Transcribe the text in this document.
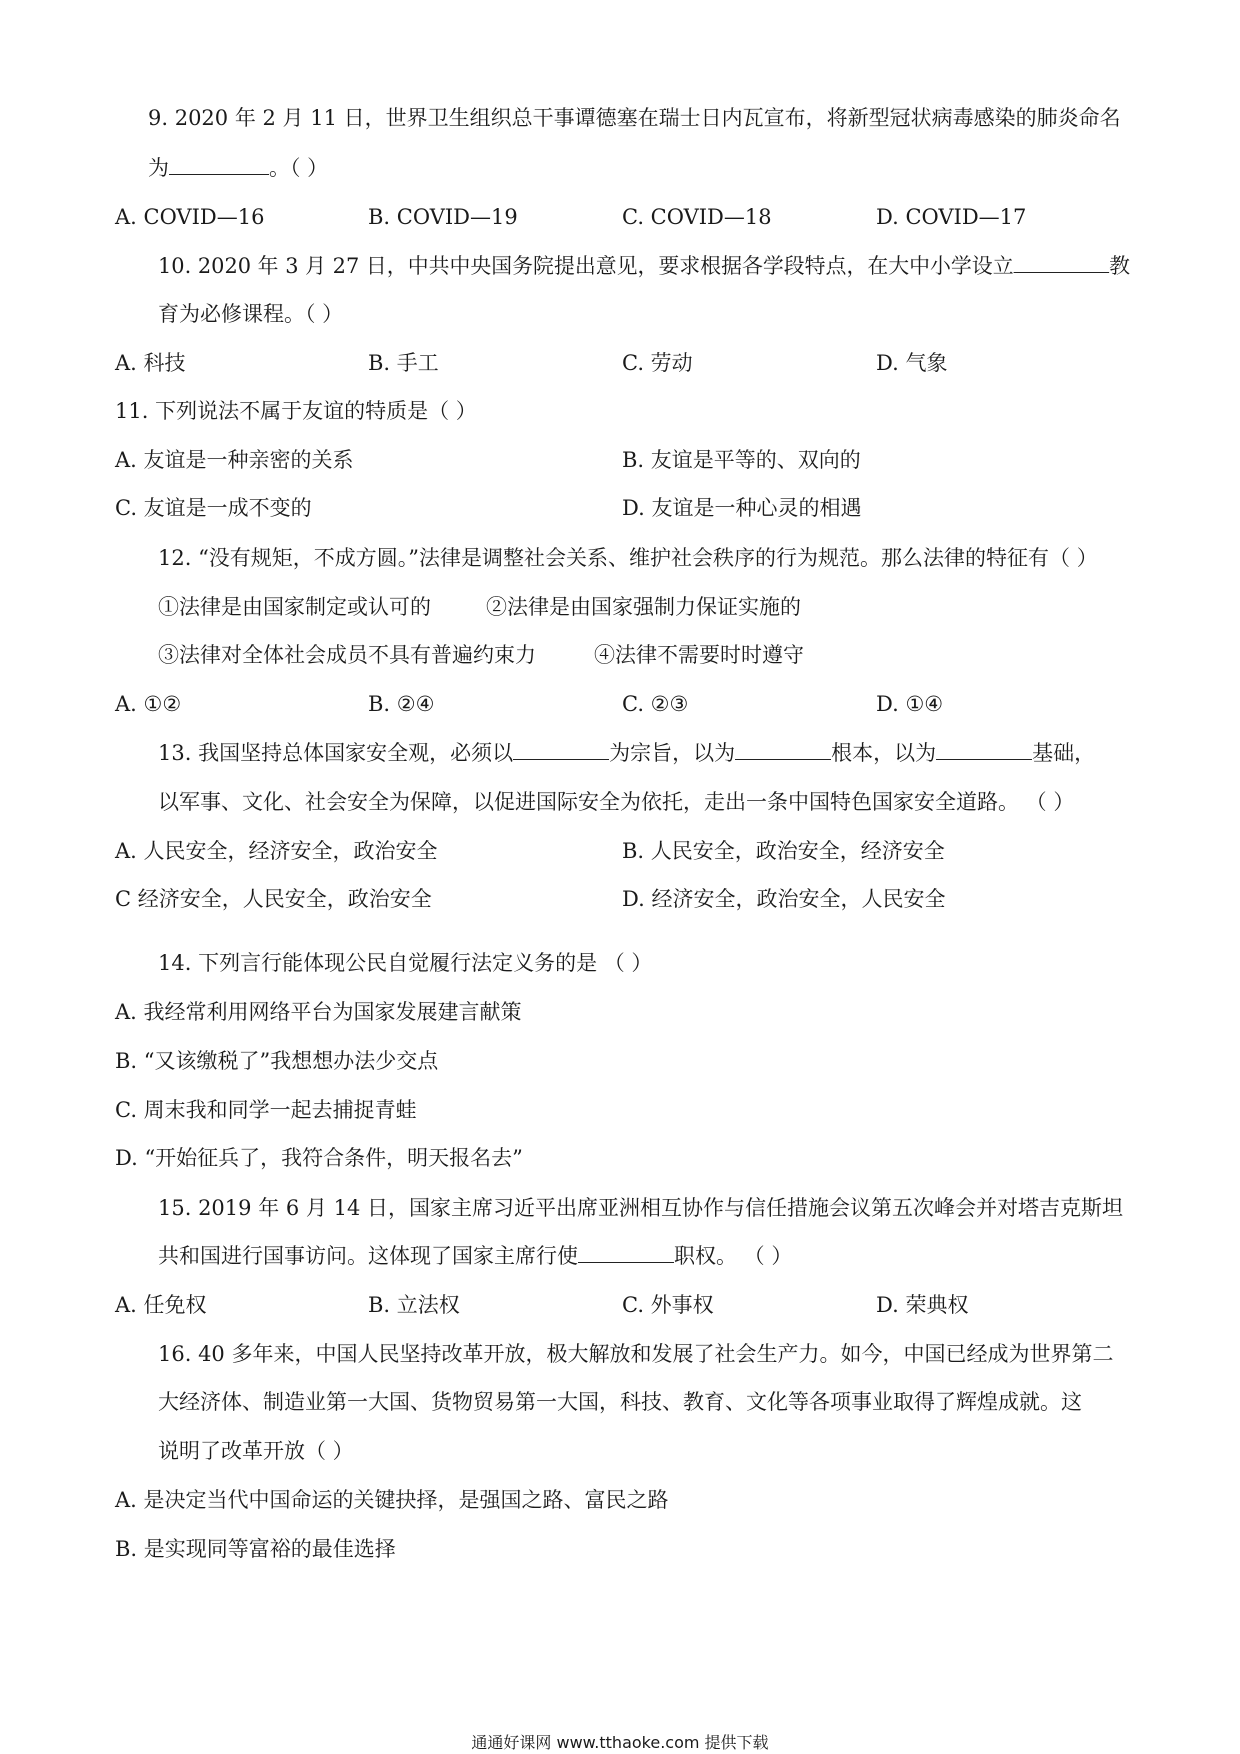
9. 2020 年 2 月 11 日，世界卫生组织总干事谭德塞在瑞士日内瓦宣布，将新型冠状病毒感染的肺炎命名
为	。（ ）
A. COVID—16	B. COVID—19	C. COVID—18	D. COVID—17
10. 2020 年 3 月 27 日，中共中央国务院提出意见，要求根据各学段特点，在大中小学设立	教
育为必修课程。（ ）
A. 科技	B. 手工	C. 劳动	D. 气象
11. 下列说法不属于友谊的特质是（ ）
A. 友谊是一种亲密的关系	B. 友谊是平等的、双向的
C. 友谊是一成不变的	D. 友谊是一种心灵的相遇
12. “没有规矩，不成方圆。”法律是调整社会关系、维护社会秩序的行为规范。那么法律的特征有（ ）
①法律是由国家制定或认可的	②法律是由国家强制力保证实施的
③法律对全体社会成员不具有普遍约束力	④法律不需要时时遵守
A. ①②	B. ②④	C. ②③	D. ①④
13. 我国坚持总体国家安全观，必须以	为宗旨，以为	根本，以为	基础，
以军事、文化、社会安全为保障，以促进国际安全为依托，走出一条中国特色国家安全道路。 （ ）
A. 人民安全，经济安全，政治安全	B. 人民安全，政治安全，经济安全
C 经济安全，人民安全，政治安全	D. 经济安全，政治安全，人民安全
14. 下列言行能体现公民自觉履行法定义务的是 （ ）
A. 我经常利用网络平台为国家发展建言献策
B. “又该缴税了”我想想办法少交点
C. 周末我和同学一起去捕捉青蛙
D. “开始征兵了，我符合条件，明天报名去”
15. 2019 年 6 月 14 日，国家主席习近平出席亚洲相互协作与信任措施会议第五次峰会并对塔吉克斯坦
共和国进行国事访问。这体现了国家主席行使	职权。 （ ）
A. 任免权	B. 立法权	C. 外事权	D. 荣典权
16. 40 多年来，中国人民坚持改革开放，极大解放和发展了社会生产力。如今，中国已经成为世界第二
大经济体、制造业第一大国、货物贸易第一大国，科技、教育、文化等各项事业取得了辉煌成就。这
说明了改革开放（ ）
A. 是决定当代中国命运的关键抉择，是强国之路、富民之路
B. 是实现同等富裕的最佳选择
通通好课网 www.tthaoke.com 提供下载
